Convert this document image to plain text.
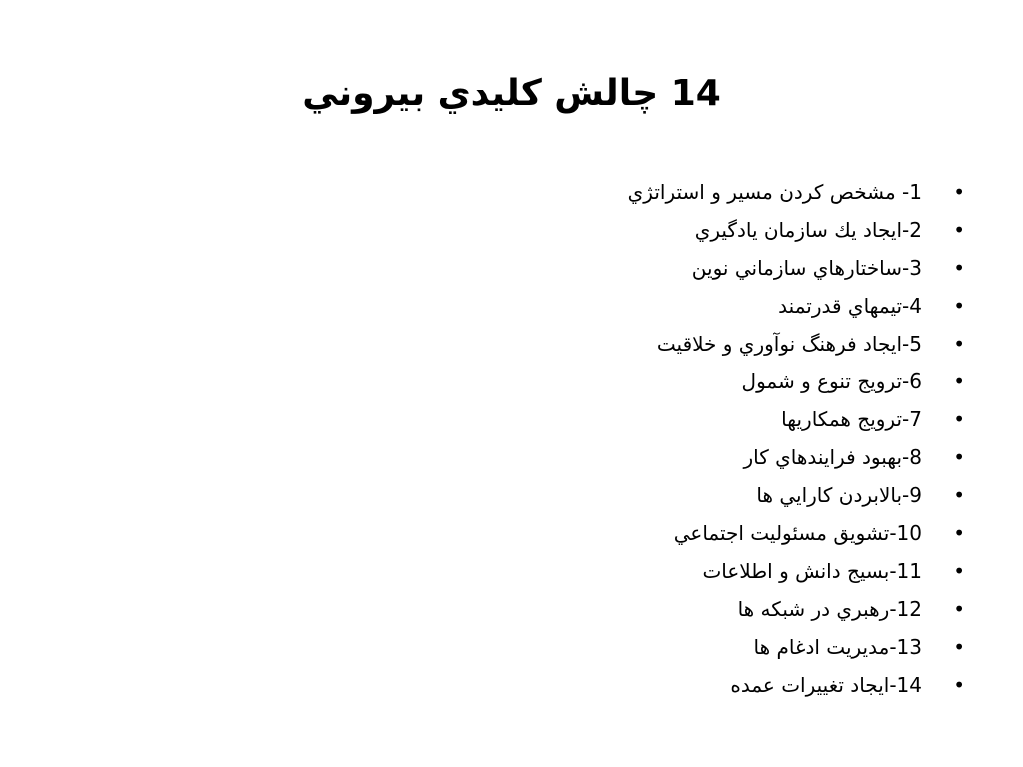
14 چالش كليدي بيروني
•
1- مشخص كردن مسير و استراتژي
•
2-ايجاد يك سازمان يادگيري
•
3-ساختارهاي سازماني نوين
•
4-تيمهاي قدرتمند
•
5-ايجاد فرهنگ نوآوري و خلاقيت
•
6-ترويج تنوع و شمول
•
7-ترويج همكاريها
•
8-بهبود فرايندهاي كار
•
9-بالابردن كارايي ها
•
10-تشويق مسئوليت اجتماعي
•
11-بسيج دانش و اطلاعات
•
12-رهبري در شبكه ها
•
13-مديريت ادغام ها
•
14-ايجاد تغييرات عمده
